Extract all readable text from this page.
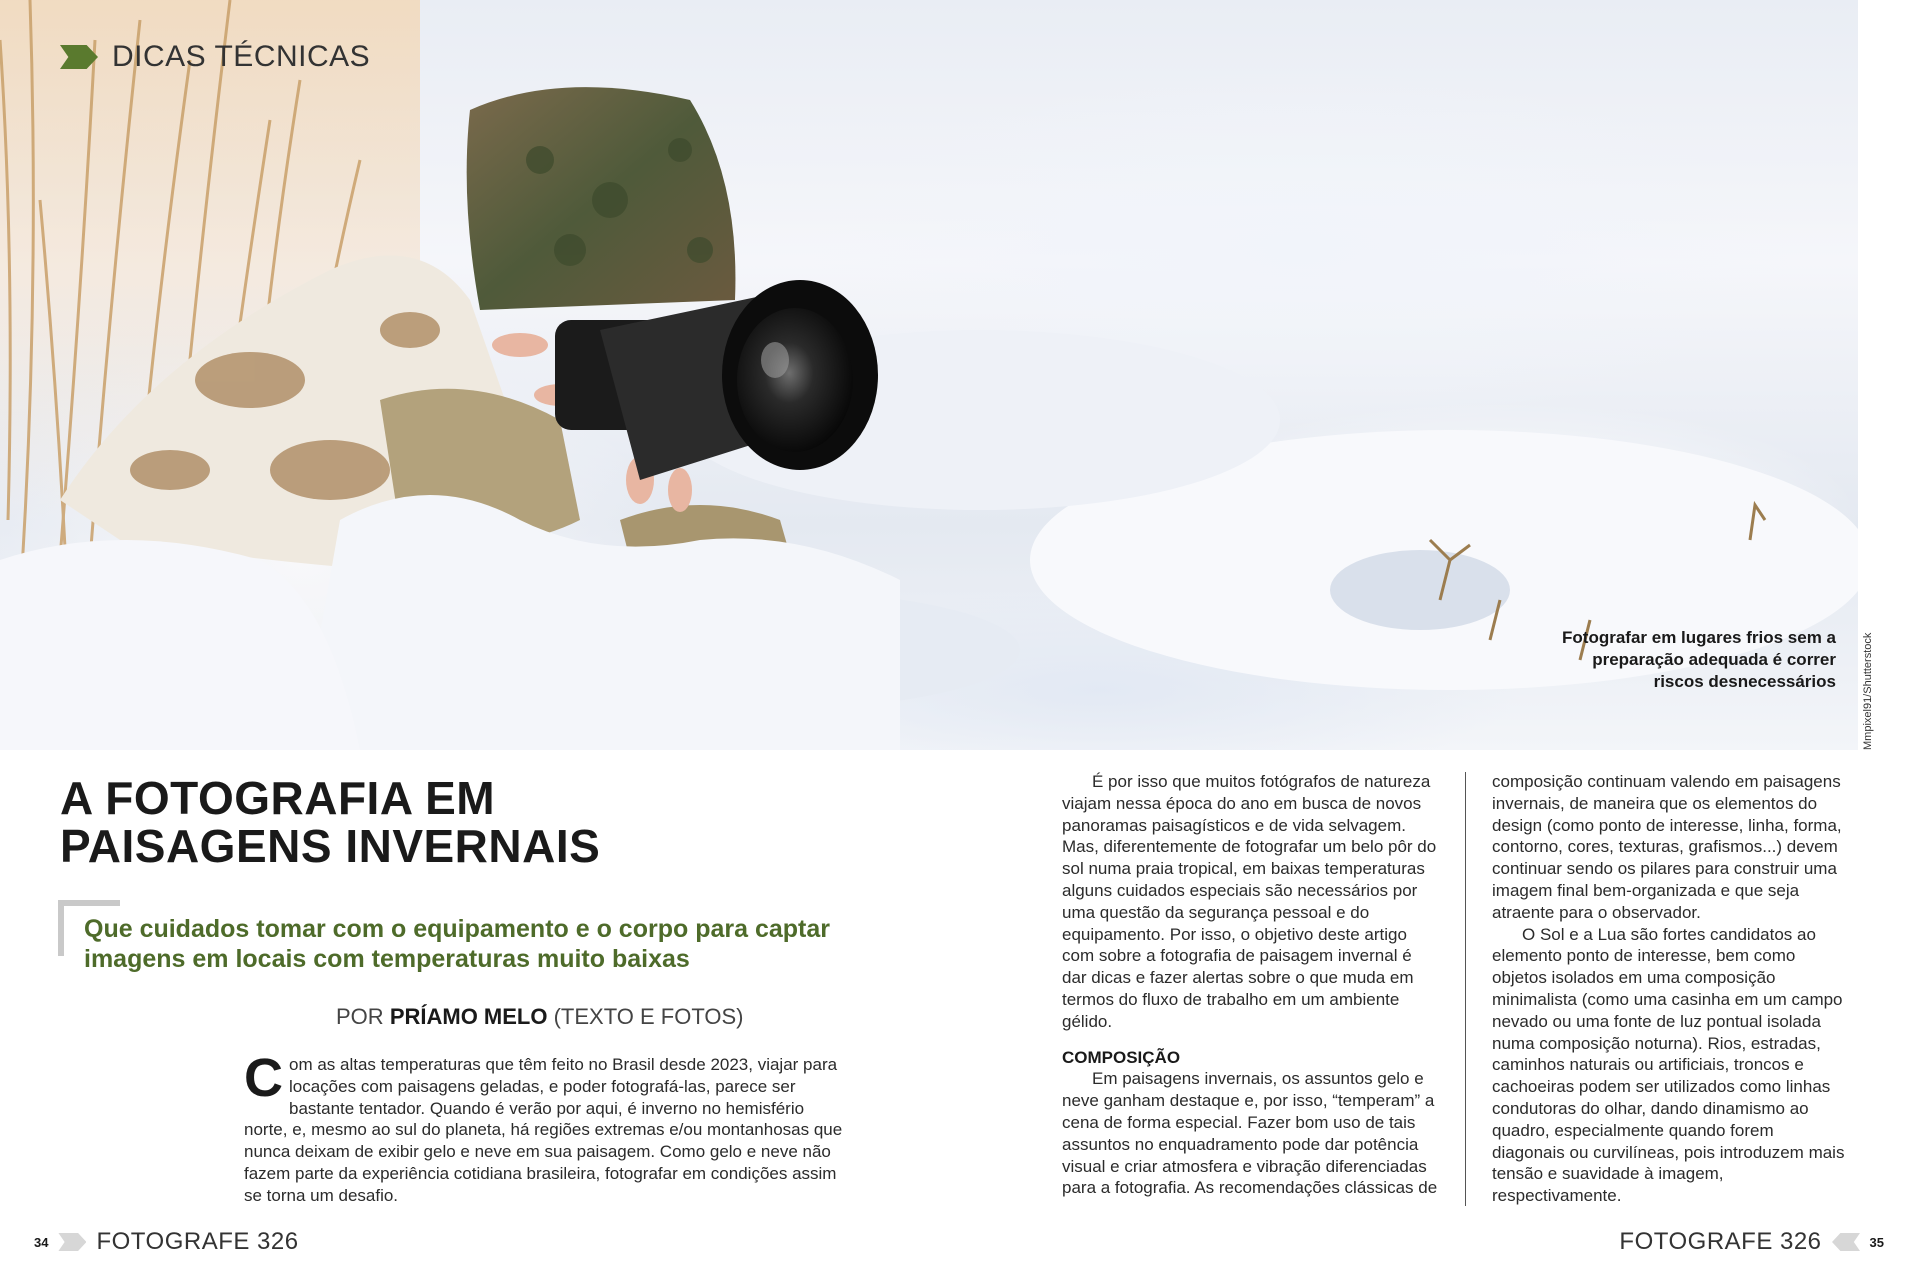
DICAS TÉCNICAS
Fotografar em lugares frios sem a preparação adequada é correr riscos desnecessários Mmpixel91/Shutterstock
A FOTOGRAFIA EM
PAISAGENS INVERNAIS
Que cuidados tomar com o equipamento e o corpo para captar imagens em locais com temperaturas muito baixas
POR PRÍAMO MELO (TEXTO E FOTOS)
C om as altas temperaturas que têm feito no Brasil desde 2023, viajar para locações com paisagens geladas, e poder fotografá-las, parece ser bastante tentador. Quando é verão por aqui, é inverno no hemisfério norte, e, mesmo ao sul do planeta, há regiões extremas e/ou montanhosas que nunca deixam de exibir gelo e neve em sua paisagem. Como gelo e neve não fazem parte da experiência cotidiana brasileira, fotografar em condições assim se torna um desafio.

É por isso que muitos fotógrafos de natureza viajam nessa época do ano em busca de novos panoramas paisagísticos e de vida selvagem. Mas, diferentemente de fotografar um belo pôr do sol numa praia tropical, em baixas temperaturas alguns cuidados especiais são necessários por uma questão da segurança pessoal e do equipamento. Por isso, o objetivo deste artigo com sobre a fotografia de paisagem invernal é dar dicas e fazer alertas sobre o que muda em termos do fluxo de trabalho em um ambiente gélido.

COMPOSIÇÃO

Em paisagens invernais, os assuntos gelo e neve ganham destaque e, por isso, “temperam” a cena de forma especial. Fazer bom uso de tais assuntos no enquadramento pode dar potência visual e criar atmosfera e vibração diferenciadas para a fotografia. As recomendações clássicas de

composição continuam valendo em paisagens invernais, de maneira que os elementos do design (como ponto de interesse, linha, forma, contorno, cores, texturas, grafismos...) devem continuar sendo os pilares para construir uma imagem final bem-organizada e que seja atraente para o observador.

O Sol e a Lua são fortes candidatos ao elemento ponto de interesse, bem como objetos isolados em uma composição minimalista (como uma casinha em um campo nevado ou uma fonte de luz pontual isolada numa composição noturna). Rios, estradas, caminhos naturais ou artificiais, troncos e cachoeiras podem ser utilizados como linhas condutoras do olhar, dando dinamismo ao quadro, especialmente quando forem diagonais ou curvilíneas, pois introduzem mais tensão e suavidade à imagem, respectivamente.

34 FOTOGRAFE 326	FOTOGRAFE 326	35
